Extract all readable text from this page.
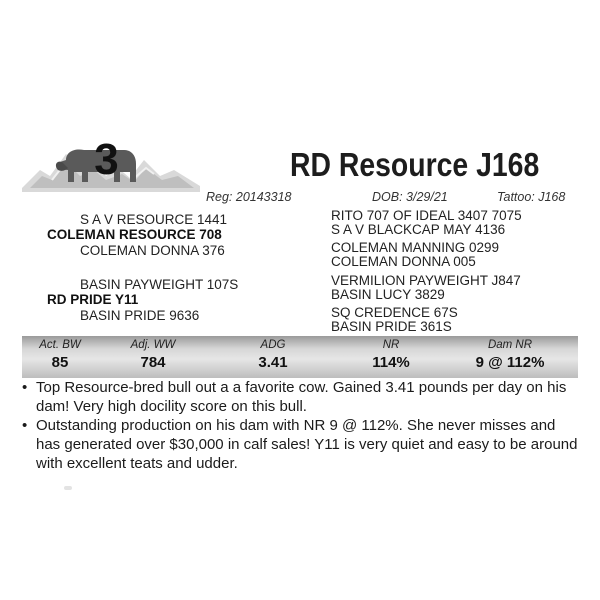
3	RD Resource J168
Reg: 20143318	DOB: 3/29/21	Tattoo: J168
S A V RESOURCE 1441
COLEMAN RESOURCE 708
COLEMAN DONNA 376
BASIN PAYWEIGHT 107S
RD PRIDE Y11
BASIN PRIDE 9636
RITO 707 OF IDEAL 3407 7075
S A V BLACKCAP MAY 4136
COLEMAN MANNING 0299
COLEMAN DONNA 005
VERMILION PAYWEIGHT J847
BASIN LUCY 3829
SQ CREDENCE 67S
BASIN PRIDE 361S
Act. BW	Adj. WW	ADG	NR	Dam NR
85	784	3.41	114%	9 @ 112%

• Top Resource-bred bull out a a favorite cow. Gained 3.41 pounds per day on his dam! Very high docility score on this bull.

• Outstanding production on his dam with NR 9 @ 112%. She never misses and has generated over $30,000 in calf sales! Y11 is very quiet and easy to be around with excellent teats and udder.
